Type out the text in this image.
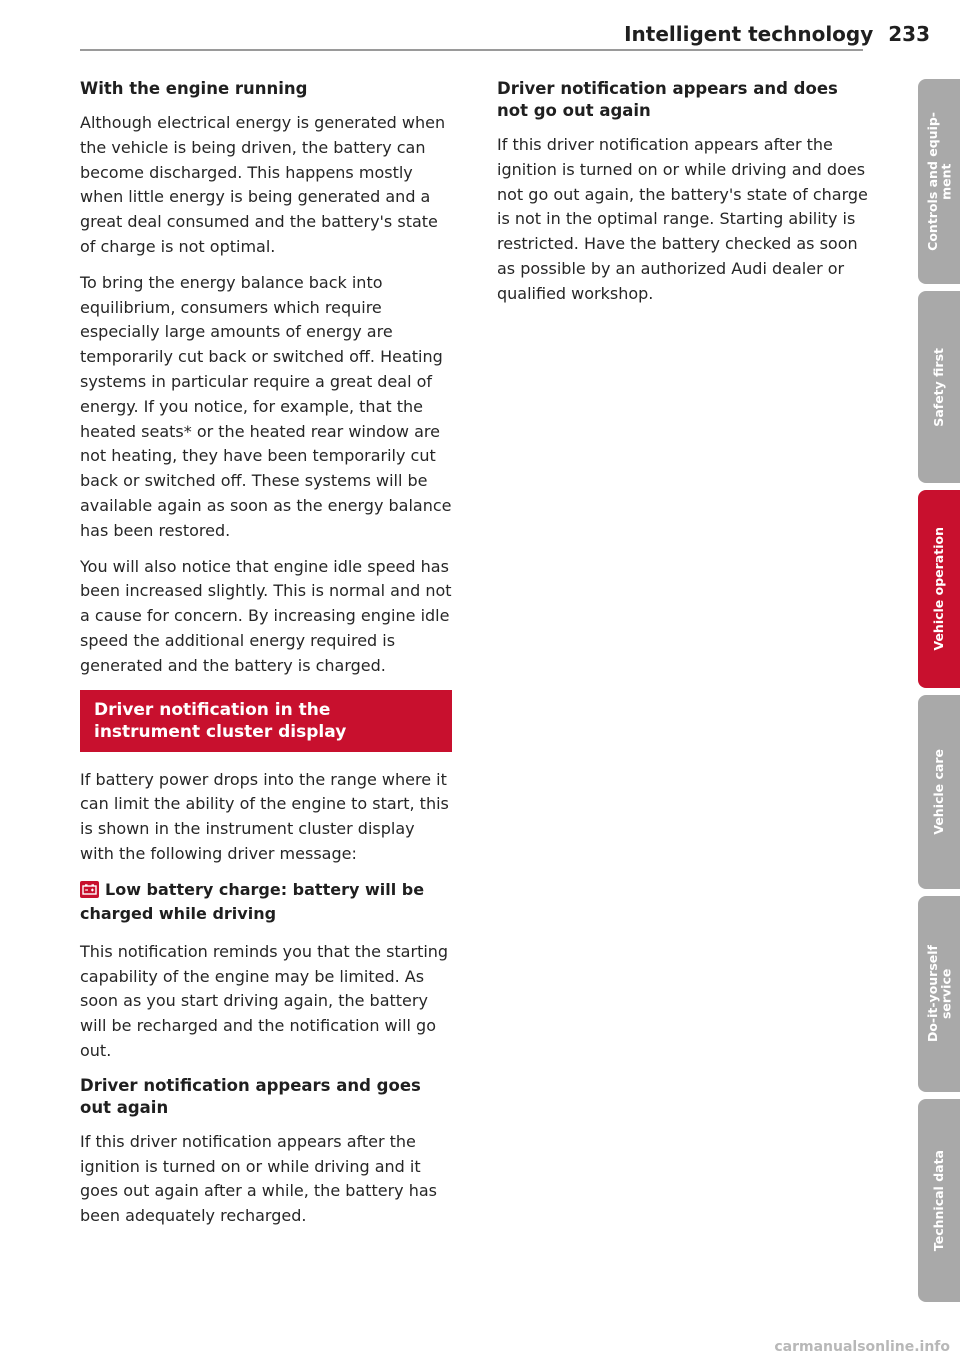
Intelligent technology 233
With the engine running

Although electrical energy is generated when the vehicle is being driven, the battery can become discharged. This happens mostly when little energy is being generated and a great deal consumed and the battery's state of charge is not optimal.

To bring the energy balance back into equilibrium, consumers which require especially large amounts of energy are temporarily cut back or switched off. Heating systems in particular require a great deal of energy. If you notice, for example, that the heated seats* or the heated rear window are not heating, they have been temporarily cut back or switched off. These systems will be available again as soon as the energy balance has been restored.

You will also notice that engine idle speed has been increased slightly. This is normal and not a cause for concern. By increasing engine idle speed the additional energy required is generated and the battery is charged.

Driver notification in the instrument cluster display

If battery power drops into the range where it can limit the ability of the engine to start, this is shown in the instrument cluster display with the following driver message:

Low battery charge: battery will be charged while driving

This notification reminds you that the starting capability of the engine may be limited. As soon as you start driving again, the battery will be recharged and the notification will go out.

Driver notification appears and goes out again

If this driver notification appears after the ignition is turned on or while driving and it goes out again after a while, the battery has been adequately recharged.

Driver notification appears and does not go out again

If this driver notification appears after the ignition is turned on or while driving and does not go out again, the battery's state of charge is not in the optimal range. Starting ability is restricted. Have the battery checked as soon as possible by an authorized Audi dealer or qualified workshop.

Controls and equip-
ment
Safety first
Vehicle operation
Vehicle care
Do-it-yourself
service
Technical data
carmanualsonline.info
